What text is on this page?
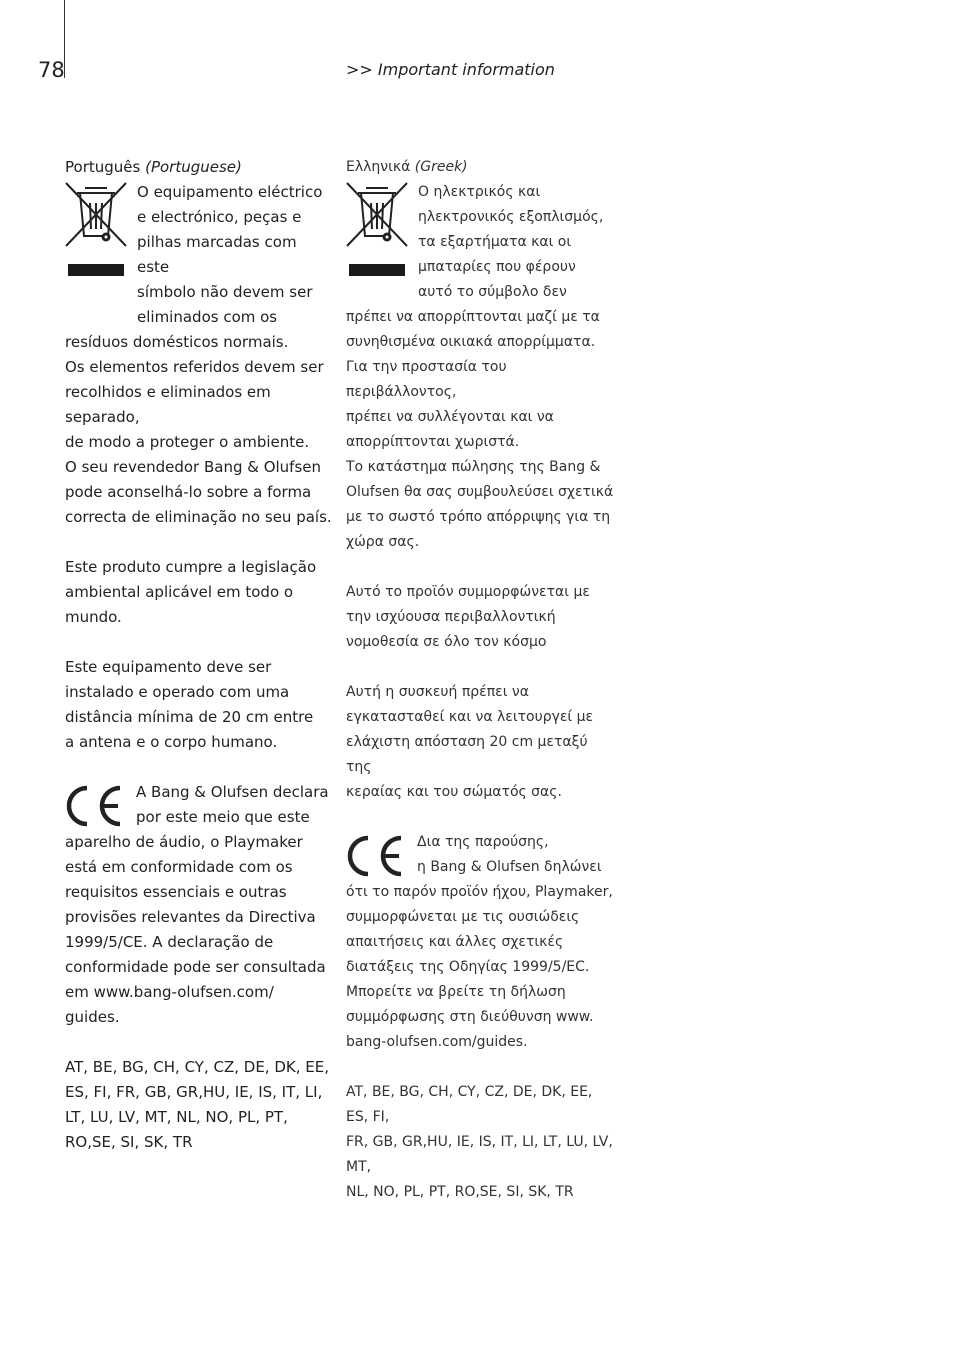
78	>> Important information

Português (Portuguese)

O equipamento eléctrico

e electrónico, peças e

pilhas marcadas com este

símbolo não devem ser

eliminados com os

resíduos domésticos normais.

Os elementos referidos devem ser

recolhidos e eliminados em separado,

de modo a proteger o ambiente.

O seu revendedor Bang & Olufsen

pode aconselhá-lo sobre a forma

correcta de eliminação no seu país.

Este produto cumpre a legislação

ambiental aplicável em todo o

mundo.

Este equipamento deve ser

instalado e operado com uma

distância mínima de 20 cm entre

a antena e o corpo humano.

A Bang & Olufsen declara

por este meio que este

aparelho de áudio, o Playmaker

está em conformidade com os

requisitos essenciais e outras

provisões relevantes da Directiva

1999/5/CE. A declaração de

conformidade pode ser consultada

em www.bang-olufsen.com/

guides.

AT, BE, BG, CH, CY, CZ, DE, DK, EE,

ES, FI, FR, GB, GR,HU, IE, IS, IT, LI,

LT, LU, LV, MT, NL, NO, PL, PT,

RO,SE, SI, SK, TR

Ελληνικά (Greek)

Ο ηλεκτρικός και

ηλεκτρονικός εξοπλισμός,

τα εξαρτήματα και οι

μπαταρίες που φέρουν

αυτό το σύμβολο δεν

πρέπει να απορρίπτονται μαζί με τα

συνηθισμένα οικιακά απορρίμματα.

Για την προστασία του περιβάλλοντος,

πρέπει να συλλέγονται και να

απορρίπτονται χωριστά.

Το κατάστημα πώλησης της Bang &

Olufsen θα σας συμβουλεύσει σχετικά

με το σωστό τρόπο απόρριψης για τη

χώρα σας.

Αυτό το προϊόν συμμορφώνεται με

την ισχύουσα περιβαλλοντική

νομοθεσία σε όλο τον κόσμο

Αυτή η συσκευή πρέπει να

εγκατασταθεί και να λειτουργεί με

ελάχιστη απόσταση 20 cm μεταξύ της

κεραίας και του σώματός σας.

Δια της παρούσης,

η Bang & Olufsen δηλώνει

ότι το παρόν προϊόν ήχου, Playmaker,

συμμορφώνεται με τις ουσιώδεις

απαιτήσεις και άλλες σχετικές

διατάξεις της Οδηγίας 1999/5/EC.

Μπορείτε να βρείτε τη δήλωση

συμμόρφωσης στη διεύθυνση www.

bang-olufsen.com/guides.

AT, BE, BG, CH, CY, CZ, DE, DK, EE, ES, FI,

FR, GB, GR,HU, IE, IS, IT, LI, LT, LU, LV, MT,

NL, NO, PL, PT, RO,SE, SI, SK, TR
